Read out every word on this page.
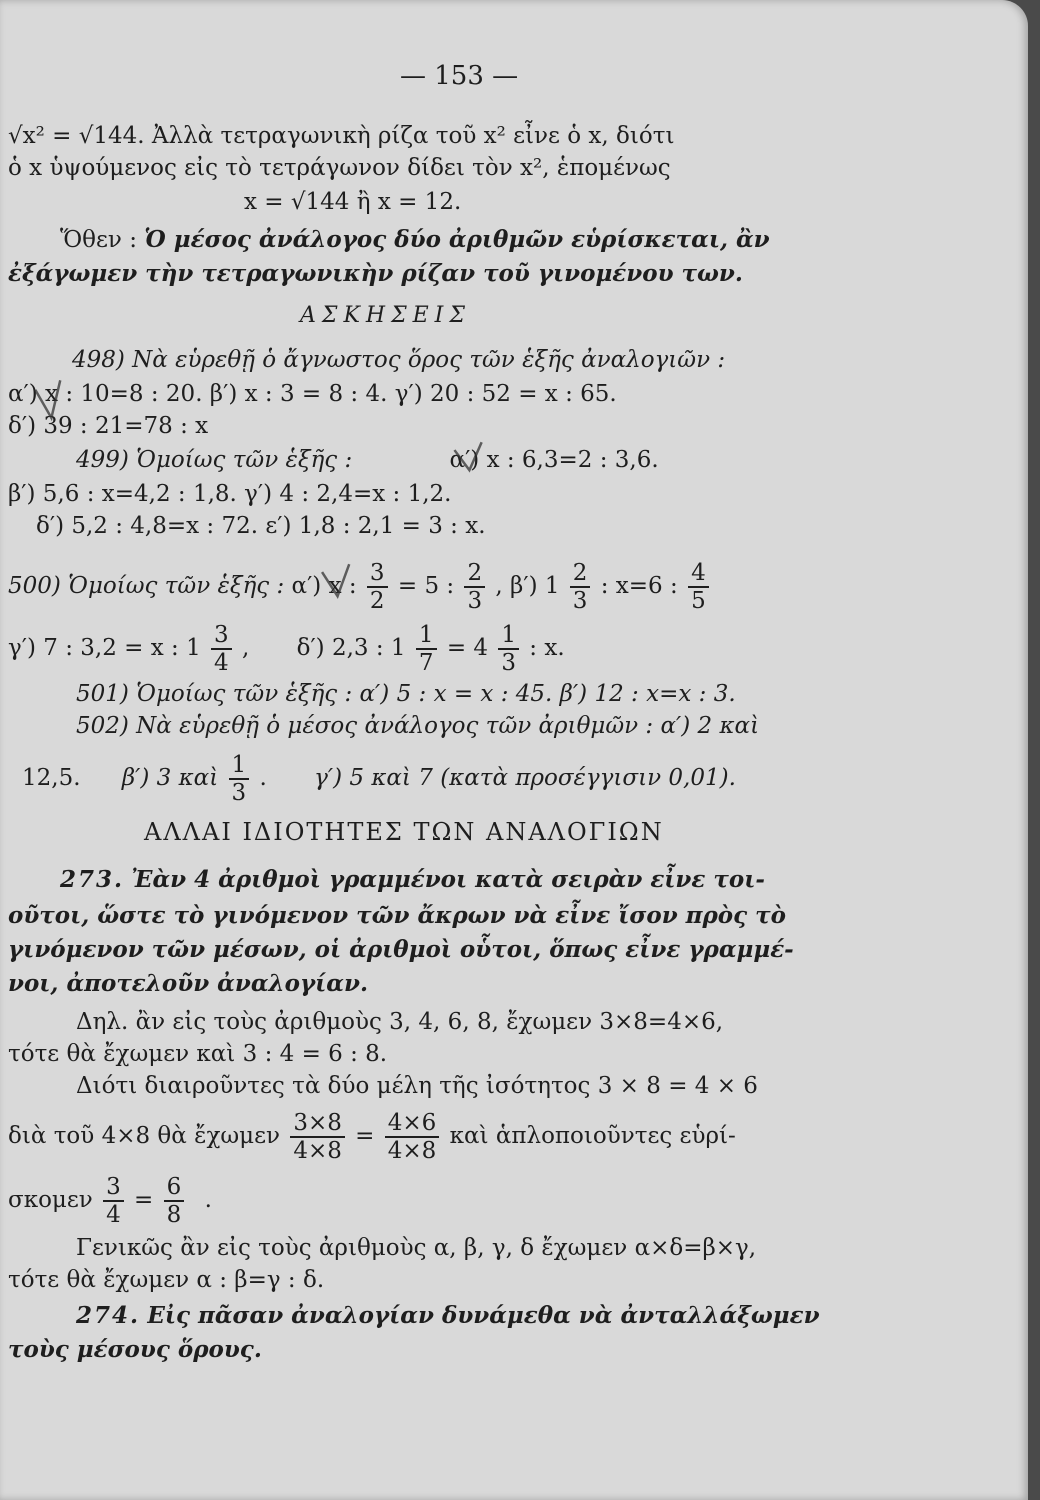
— 153 —
√x² = √144. Ἀλλὰ τετραγωνικὴ ρίζα τοῦ x² εἶνε ὁ x, διότι
ὁ x ὑψούμενος εἰς τὸ τετράγωνον δίδει τὸν x², ἑπομένως
x = √144 ἢ x = 12.
Ὅθεν : Ὁ μέσος ἀνάλογος δύο ἀριθμῶν εὑρίσκεται, ἂν
ἐξάγωμεν τὴν τετραγωνικὴν ρίζαν τοῦ γινομένου των.
ΑΣΚΗΣΕΙΣ
498) Νὰ εὑρεθῇ ὁ ἄγνωστος ὅρος τῶν ἑξῆς ἀναλογιῶν :
α′) x : 10=8 : 20. β′) x : 3 = 8 : 4. γ′) 20 : 52 = x : 65.
δ′) 39 : 21=78 : x
499) Ὁμοίως τῶν ἑξῆς :	α′) x : 6,3=2 : 3,6.
β′) 5,6 : x=4,2 : 1,8. γ′) 4 : 2,4=x : 1,2.
δ′) 5,2 : 4,8=x : 72. ε′) 1,8 : 2,1 = 3 : x.
500) Ὁμοίως τῶν ἑξῆς : α′) x : $\frac{3}{2} = 5$ : $\frac{2}{3}$ , β′) $1 \frac{2}{3}$ : x=6 : $\frac{4}{5}$
γ′) 7 : 3,2 = x : $1 \frac{3}{4}$ , δ′) 2,3 : $1 \frac{1}{7} = 4 \frac{1}{3}$ : x.
501) Ὁμοίως τῶν ἑξῆς : α′) 5 : x = x : 45. β′) 12 : x=x : 3.
502) Νὰ εὑρεθῇ ὁ μέσος ἀνάλογος τῶν ἀριθμῶν : α′) 2 καὶ
12,5. β′) 3 καὶ $\frac{1}{3}$ . γ′) 5 καὶ 7 (κατὰ προσέγγισιν 0,01).
ΑΛΛΑΙ ΙΔΙΟΤΗΤΕΣ ΤΩΝ ΑΝΑΛΟΓΙΩΝ
273. Ἐὰν 4 ἀριθμοὶ γραμμένοι κατὰ σειρὰν εἶνε τοι-
οῦτοι, ὥστε τὸ γινόμενον τῶν ἄκρων νὰ εἶνε ἴσον πρὸς τὸ
γινόμενον τῶν μέσων, οἱ ἀριθμοὶ οὗτοι, ὅπως εἶνε γραμμέ-
νοι, ἀποτελοῦν ἀναλογίαν.
Δηλ. ἂν εἰς τοὺς ἀριθμοὺς 3, 4, 6, 8, ἔχωμεν 3×8=4×6,
τότε θὰ ἔχωμεν καὶ 3 : 4 = 6 : 8.
Διότι διαιροῦντες τὰ δύο μέλη τῆς ἰσότητος 3 × 8 = 4 × 6
διὰ τοῦ 4×8 θὰ ἔχωμεν $\frac{3\times 8}{4\times 8} = \frac{4\times 6}{4\times 8}$ καὶ ἁπλοποιοῦντες εὑρί-
σκομεν $\frac{3}{4} = \frac{6}{8}$ .
Γενικῶς ἂν εἰς τοὺς ἀριθμοὺς α, β, γ, δ ἔχωμεν α×δ=β×γ,
τότε θὰ ἔχωμεν α : β=γ : δ.
274. Εἰς πᾶσαν ἀναλογίαν δυνάμεθα νὰ ἀνταλλάξωμεν
τοὺς μέσους ὅρους.
